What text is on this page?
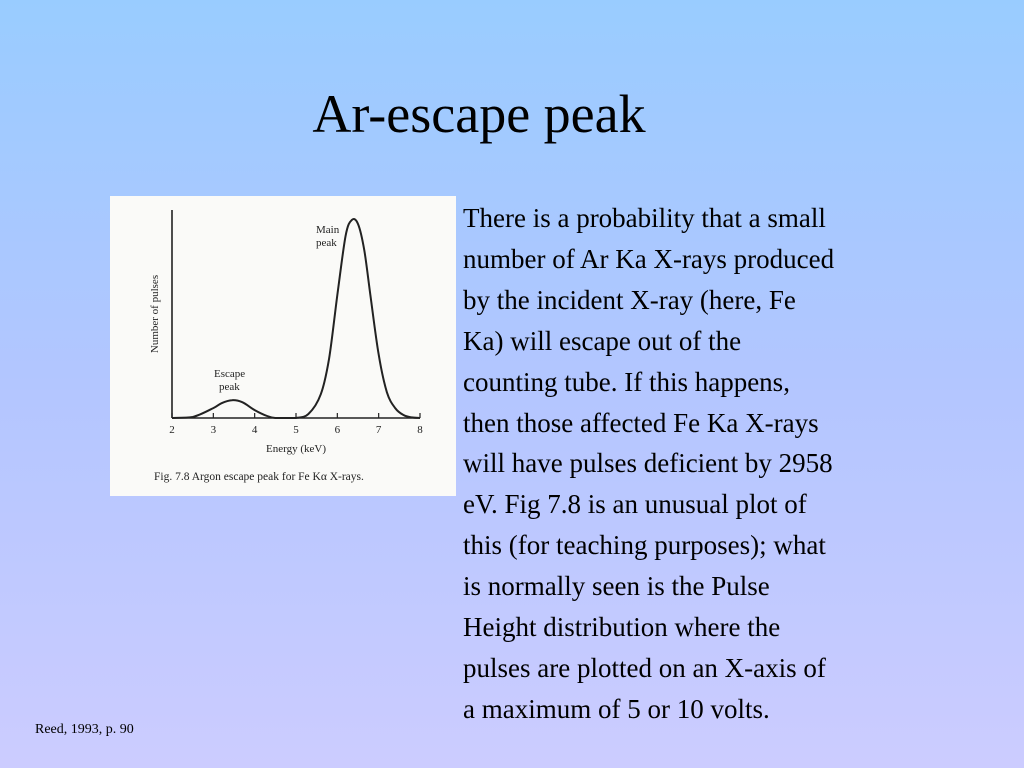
Ar-escape peak
2	3	4	5	6	7	8
Number of pulses
Energy (keV)
Main
peak
Escape
peak
Fig. 7.8 Argon escape peak for Fe Kα X-rays.
There is a probability that a small
number of Ar Ka X-rays produced
by the incident X-ray (here, Fe
Ka) will escape out of the
counting tube. If this happens,
then those affected Fe Ka X-rays
will have pulses deficient by 2958
eV. Fig 7.8 is an unusual plot of
this (for teaching purposes); what
is normally seen is the Pulse
Height distribution where the
pulses are plotted on an X-axis of
a maximum of 5 or 10 volts.
Reed, 1993, p. 90
